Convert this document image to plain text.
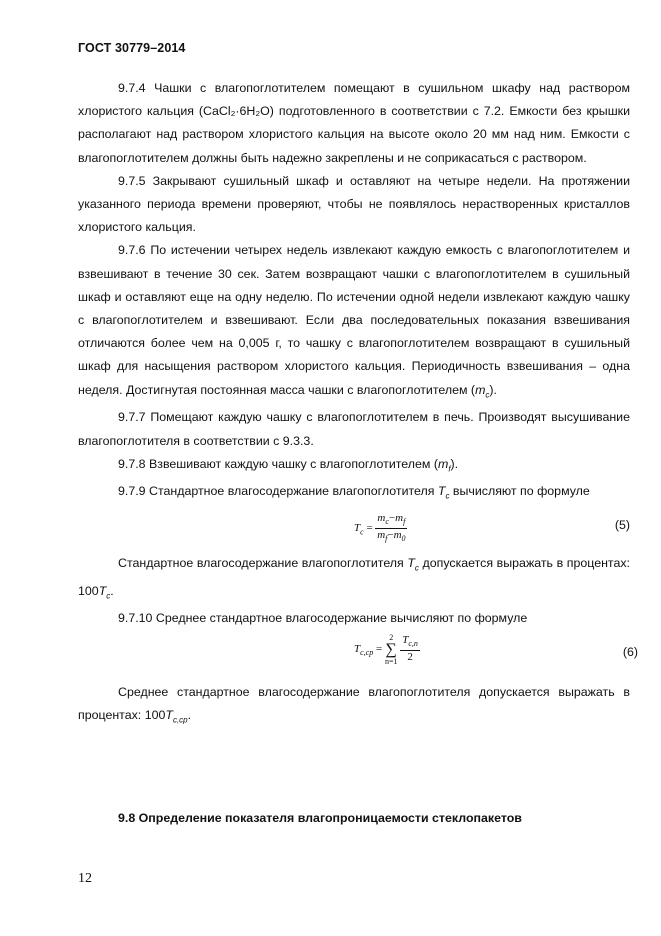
ГОСТ 30779–2014

9.7.4 Чашки с влагопоглотителем помещают в сушильном шкафу над раствором хлористого кальция (CaCl₂·6H₂O) подготовленного в соответствии с 7.2. Емкости без крышки располагают над раствором хлористого кальция на высоте около 20 мм над ним. Емкости с влагопоглотителем должны быть надежно закреплены и не соприкасаться с раствором.

9.7.5 Закрывают сушильный шкаф и оставляют на четыре недели. На протяжении указанного периода времени проверяют, чтобы не появлялось нерастворенных кристаллов хлористого кальция.

9.7.6 По истечении четырех недель извлекают каждую емкость с влагопоглотителем и взвешивают в течение 30 сек. Затем возвращают чашки с влагопоглотителем в сушильный шкаф и оставляют еще на одну неделю. По истечении одной недели извлекают каждую чашку с влагопоглотителем и взвешивают. Если два последовательных показания взвешивания отличаются более чем на 0,005 г, то чашку с влагопоглотителем возвращают в сушильный шкаф для насыщения раствором хлористого кальция. Периодичность взвешивания – одна неделя. Достигнутая постоянная масса чашки с влагопоглотителем $(m_c)$.

9.7.7 Помещают каждую чашку с влагопоглотителем в печь. Производят высушивание влагопоглотителя в соответствии с 9.3.3.

9.7.8 Взвешивают каждую чашку с влагопоглотителем $(m_f)$.

9.7.9 Стандартное влагосодержание влагопоглотителя $T_c$ вычисляют по формуле

$T_c = \frac{m_c-m_f}{m_f-m_0}$	(5)

Стандартное влагосодержание влагопоглотителя $T_c$ допускается выражать в процентах: $100T_c$.

9.7.10 Среднее стандартное влагосодержание вычисляют по формуле

$T_{c,ср}$ =
2
∑
n=1
$\frac{T_{c,n}}{2}$	(6)

Среднее стандартное влагосодержание влагопоглотителя допускается выражать в процентах: $100T_{с,ср}$.

9.8 Определение показателя влагопроницаемости стеклопакетов
12
